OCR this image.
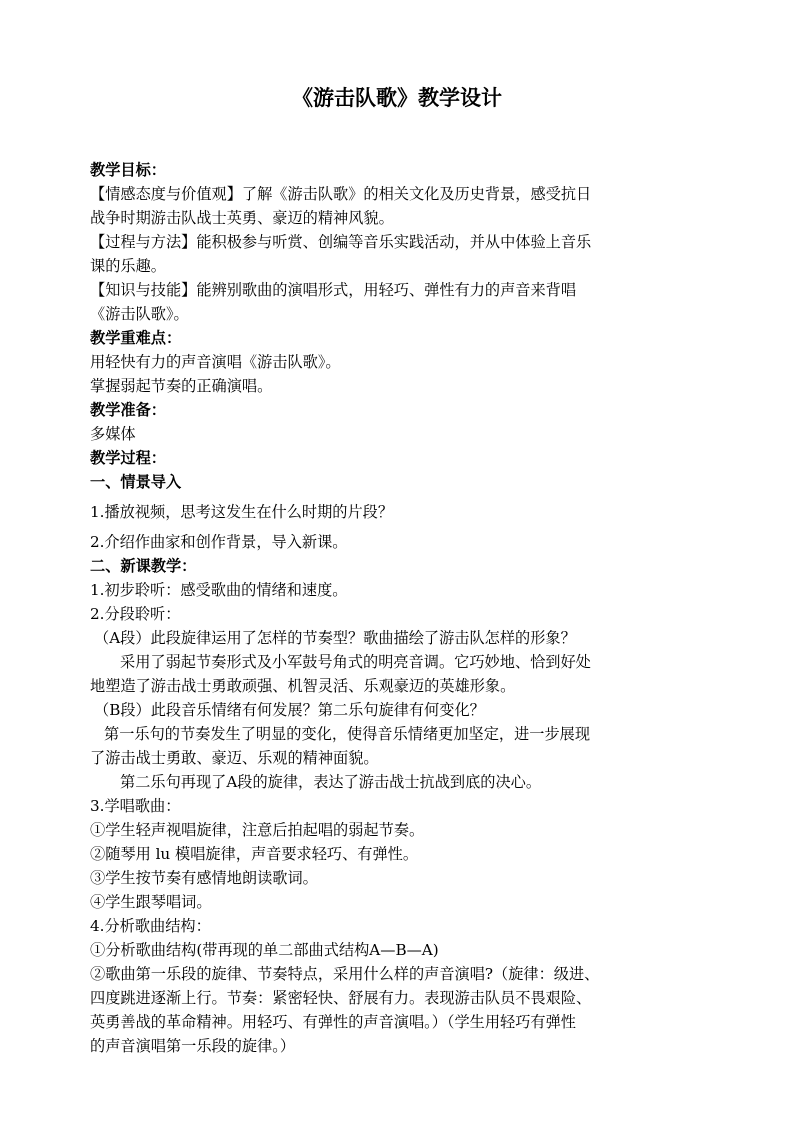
《游击队歌》教学设计
教学目标：
【情感态度与价值观】了解《游击队歌》的相关文化及历史背景，感受抗日
战争时期游击队战士英勇、豪迈的精神风貌。
【过程与方法】能积极参与听赏、创编等音乐实践活动，并从中体验上音乐
课的乐趣。
【知识与技能】能辨别歌曲的演唱形式，用轻巧、弹性有力的声音来背唱
《游击队歌》。
教学重难点：
用轻快有力的声音演唱《游击队歌》。
掌握弱起节奏的正确演唱。
教学准备：
多媒体
教学过程：
一、情景导入
1.播放视频，思考这发生在什么时期的片段？
2.介绍作曲家和创作背景，导入新课。
二、新课教学：
1.初步聆听：感受歌曲的情绪和速度。
2.分段聆听：
（A段）此段旋律运用了怎样的节奏型？歌曲描绘了游击队怎样的形象？
采用了弱起节奏形式及小军鼓号角式的明亮音调。它巧妙地、恰到好处
地塑造了游击战士勇敢顽强、机智灵活、乐观豪迈的英雄形象。
（B段）此段音乐情绪有何发展？第二乐句旋律有何变化？
第一乐句的节奏发生了明显的变化，使得音乐情绪更加坚定，进一步展现
了游击战士勇敢、豪迈、乐观的精神面貌。
第二乐句再现了A段的旋律，表达了游击战士抗战到底的决心。
3.学唱歌曲：
①学生轻声视唱旋律，注意后拍起唱的弱起节奏。
②随琴用 lu 模唱旋律，声音要求轻巧、有弹性。
③学生按节奏有感情地朗读歌词。
④学生跟琴唱词。
4.分析歌曲结构：
①分析歌曲结构(带再现的单二部曲式结构A—B—A)
②歌曲第一乐段的旋律、节奏特点，采用什么样的声音演唱?（旋律：级进、
四度跳进逐渐上行。节奏：紧密轻快、舒展有力。表现游击队员不畏艰险、
英勇善战的革命精神。用轻巧、有弹性的声音演唱。）（学生用轻巧有弹性
的声音演唱第一乐段的旋律。）
